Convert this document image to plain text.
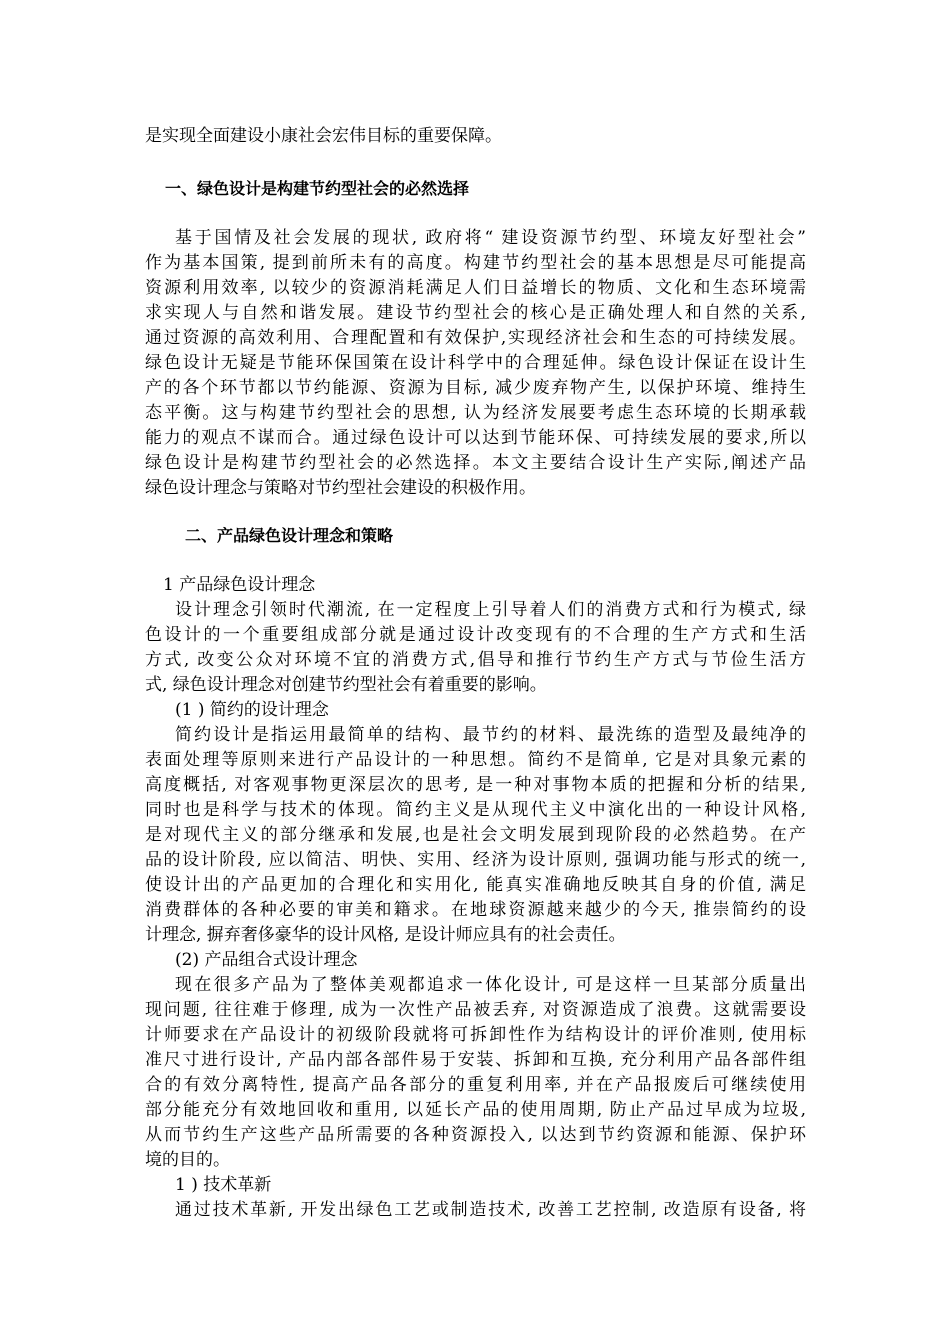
是实现全面建设小康社会宏伟目标的重要保障。

一、绿色设计是构建节约型社会的必然选择

基于国情及社会发展的现状, 政府将“ 建设资源节约型、环境友好型社会”

作为基本国策, 提到前所未有的高度。构建节约型社会的基本思想是尽可能提高

资源利用效率, 以较少的资源消耗满足人们日益增长的物质、文化和生态环境需

求实现人与自然和谐发展。建设节约型社会的核心是正确处理人和自然的关系,

通过资源的高效利用、合理配置和有效保护,实现经济社会和生态的可持续发展。

绿色设计无疑是节能环保国策在设计科学中的合理延伸。绿色设计保证在设计生

产的各个环节都以节约能源、资源为目标, 减少废弃物产生, 以保护环境、维持生

态平衡。这与构建节约型社会的思想, 认为经济发展要考虑生态环境的长期承载

能力的观点不谋而合。通过绿色设计可以达到节能环保、可持续发展的要求,所以

绿色设计是构建节约型社会的必然选择。本文主要结合设计生产实际,阐述产品

绿色设计理念与策略对节约型社会建设的积极作用。

二、产品绿色设计理念和策略

1 产品绿色设计理念

设计理念引领时代潮流, 在一定程度上引导着人们的消费方式和行为模式, 绿

色设计的一个重要组成部分就是通过设计改变现有的不合理的生产方式和生活

方式, 改变公众对环境不宜的消费方式,倡导和推行节约生产方式与节俭生活方

式, 绿色设计理念对创建节约型社会有着重要的影响。

(1 ) 简约的设计理念

简约设计是指运用最简单的结构、最节约的材料、最洗练的造型及最纯净的

表面处理等原则来进行产品设计的一种思想。简约不是简单, 它是对具象元素的

高度概括, 对客观事物更深层次的思考, 是一种对事物本质的把握和分析的结果,

同时也是科学与技术的体现。简约主义是从现代主义中演化出的一种设计风格,

是对现代主义的部分继承和发展,也是社会文明发展到现阶段的必然趋势。在产

品的设计阶段, 应以简洁、明快、实用、经济为设计原则, 强调功能与形式的统一,

使设计出的产品更加的合理化和实用化, 能真实准确地反映其自身的价值, 满足

消费群体的各种必要的审美和籍求。在地球资源越来越少的今天, 推崇简约的设

计理念, 摒弃奢侈豪华的设计风格, 是设计师应具有的社会责任。

(2) 产品组合式设计理念

现在很多产品为了整体美观都追求一体化设计, 可是这样一旦某部分质量出

现问题, 往往难于修理, 成为一次性产品被丢弃, 对资源造成了浪费。这就需要设

计师要求在产品设计的初级阶段就将可拆卸性作为结构设计的评价准则, 使用标

准尺寸进行设计, 产品内部各部件易于安装、拆卸和互换, 充分利用产品各部件组

合的有效分离特性, 提高产品各部分的重复利用率, 并在产品报废后可继续使用

部分能充分有效地回收和重用, 以延长产品的使用周期, 防止产品过早成为垃圾,

从而节约生产这些产品所需要的各种资源投入, 以达到节约资源和能源、保护环

境的目的。

1 ) 技术革新

通过技术革新, 开发出绿色工艺或制造技术, 改善工艺控制, 改造原有设备, 将
